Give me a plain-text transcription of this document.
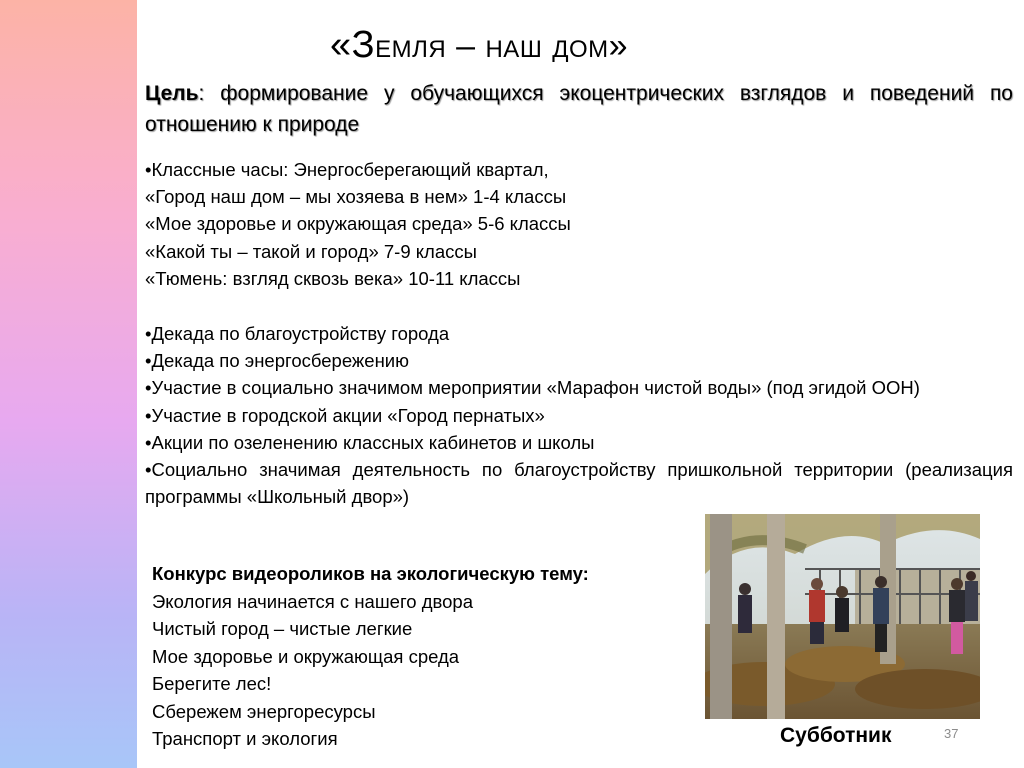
«Земля – наш дом»
Цель: формирование у обучающихся экоцентрических взглядов и поведений по отношению к природе

•Классные часы: Энергосберегающий квартал,

«Город наш дом – мы хозяева в нем» 1-4 классы

«Мое здоровье и окружающая среда» 5-6 классы

«Какой ты – такой и город» 7-9 классы

«Тюмень: взгляд сквозь века» 10-11 классы

•Декада по благоустройству города

•Декада по энергосбережению

•Участие в социально значимом мероприятии «Марафон чистой воды» (под эгидой ООН)

•Участие в городской акции «Город пернатых»

•Акции по озеленению классных кабинетов и школы

•Социально значимая деятельность по благоустройству пришкольной территории (реализация программы «Школьный двор»)

Конкурс видеороликов на экологическую тему:

Экология начинается с нашего двора

Чистый город – чистые легкие

Мое здоровье и окружающая среда

Берегите лес!

Сбережем энергоресурсы

Транспорт и экология	Субботник	37
